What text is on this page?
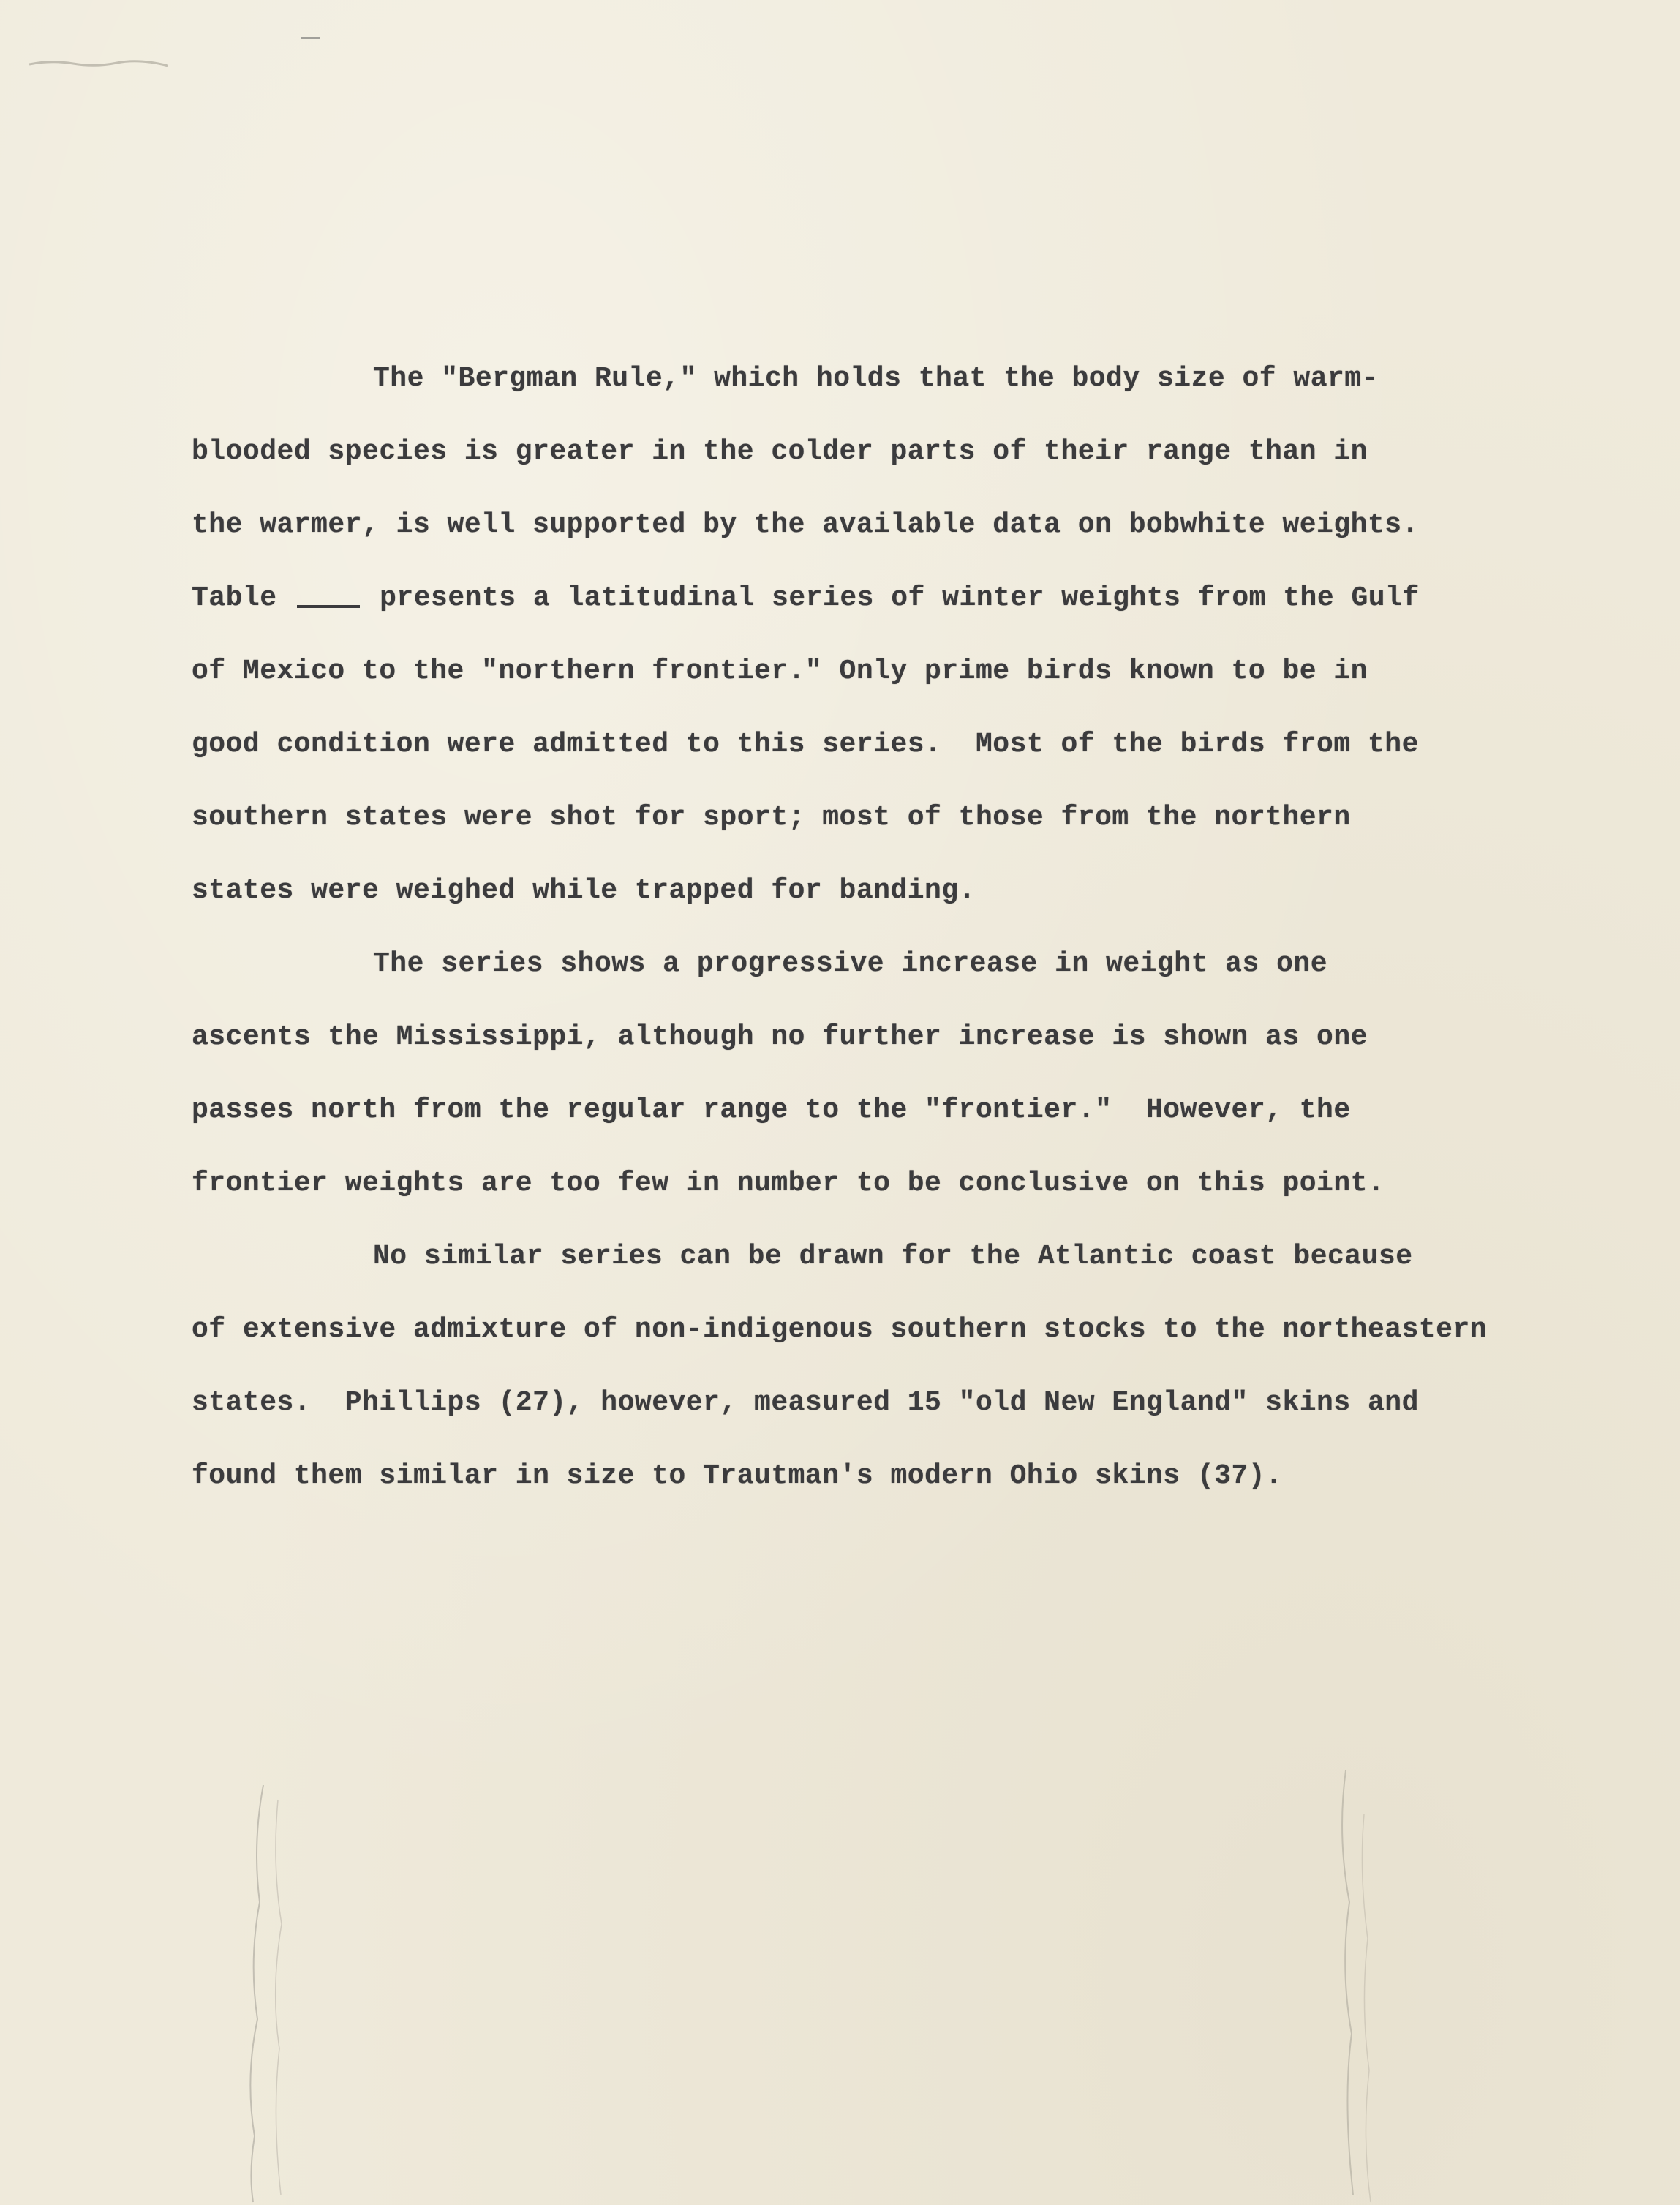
The "Bergman Rule," which holds that the body size of warm-
blooded species is greater in the colder parts of their range than in
the warmer, is well supported by the available data on bobwhite weights.
Table  presents a latitudinal series of winter weights from the Gulf
of Mexico to the "northern frontier." Only prime birds known to be in
good condition were admitted to this series.  Most of the birds from the
southern states were shot for sport; most of those from the northern
states were weighed while trapped for banding.
The series shows a progressive increase in weight as one
ascents the Mississippi, although no further increase is shown as one
passes north from the regular range to the "frontier."  However, the
frontier weights are too few in number to be conclusive on this point.
No similar series can be drawn for the Atlantic coast because
of extensive admixture of non-indigenous southern stocks to the northeastern
states.  Phillips (27), however, measured 15 "old New England" skins and
found them similar in size to Trautman's modern Ohio skins (37).
